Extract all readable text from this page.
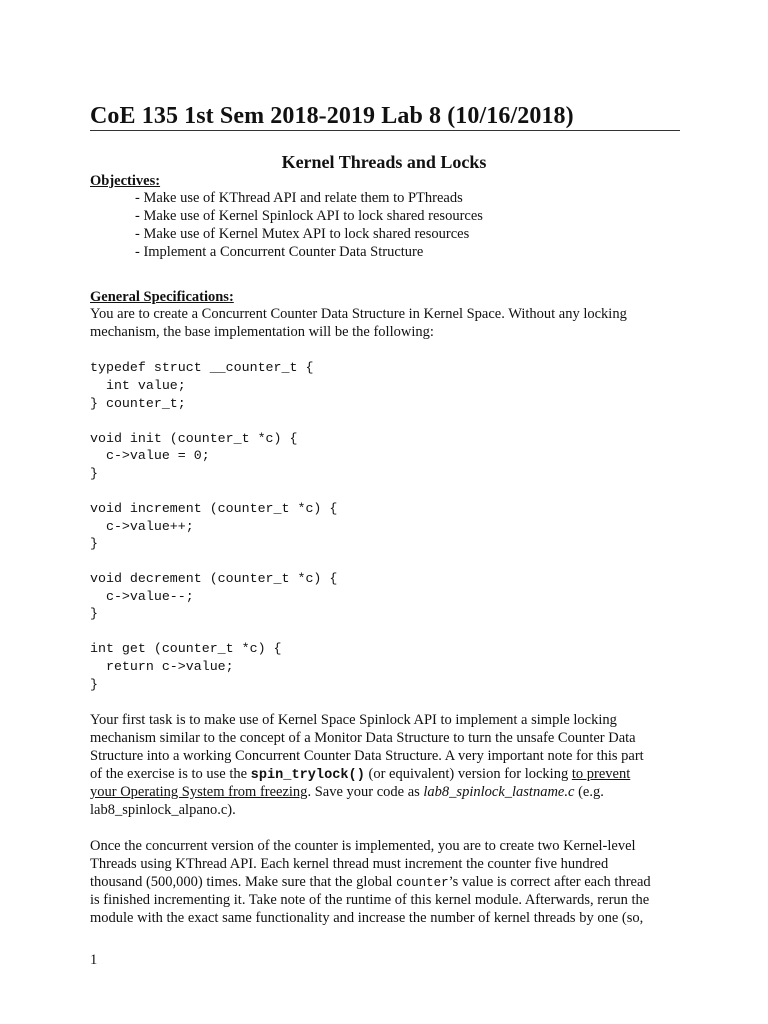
CoE 135 1st Sem 2018-2019 Lab 8 (10/16/2018)
Kernel Threads and Locks
Objectives:
- Make use of KThread API and relate them to PThreads
- Make use of Kernel Spinlock API to lock shared resources
- Make use of Kernel Mutex API to lock shared resources
- Implement a Concurrent Counter Data Structure
General Specifications:
You are to create a Concurrent Counter Data Structure in Kernel Space. Without any locking
mechanism, the base implementation will be the following:
typedef struct __counter_t {
int value;
} counter_t;
void init (counter_t *c) {
c->value = 0;
}
void increment (counter_t *c) {
c->value++;
}
void decrement (counter_t *c) {
c->value--;
}
int get (counter_t *c) {
return c->value;
}
Your first task is to make use of Kernel Space Spinlock API to implement a simple locking
mechanism similar to the concept of a Monitor Data Structure to turn the unsafe Counter Data
Structure into a working Concurrent Counter Data Structure. A very important note for this part
of the exercise is to use the spin_trylock() (or equivalent) version for locking to prevent
your Operating System from freezing. Save your code as lab8_spinlock_lastname.c (e.g.
lab8_spinlock_alpano.c).
Once the concurrent version of the counter is implemented, you are to create two Kernel-level
Threads using KThread API. Each kernel thread must increment the counter five hundred
thousand (500,000) times. Make sure that the global counter’s value is correct after each thread
is finished incrementing it. Take note of the runtime of this kernel module. Afterwards, rerun the
module with the exact same functionality and increase the number of kernel threads by one (so,
1
